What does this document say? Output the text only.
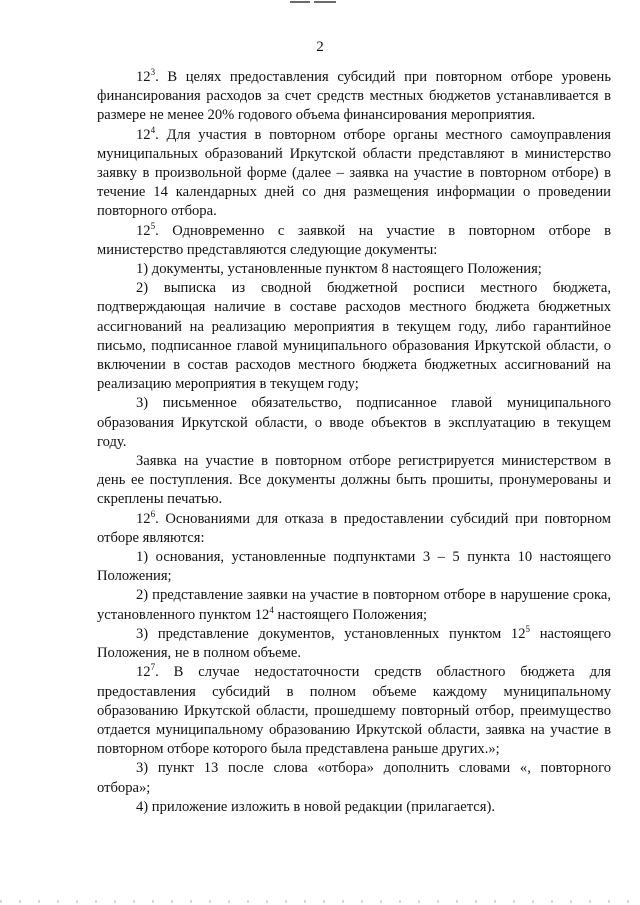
2

$12^3$. В целях предоставления субсидий при повторном отборе уровень финансирования расходов за счет средств местных бюджетов устанавливается в размере не менее 20% годового объема финансирования мероприятия.

$12^4$. Для участия в повторном отборе органы местного самоуправления муниципальных образований Иркутской области представляют в министерство заявку в произвольной форме (далее – заявка на участие в повторном отборе) в течение 14 календарных дней со дня размещения информации о проведении повторного отбора.

$12^5$. Одновременно с заявкой на участие в повторном отборе в министерство представляются следующие документы:

1) документы, установленные пунктом 8 настоящего Положения;

2) выписка из сводной бюджетной росписи местного бюджета, подтверждающая наличие в составе расходов местного бюджета бюджетных ассигнований на реализацию мероприятия в текущем году, либо гарантийное письмо, подписанное главой муниципального образования Иркутской области, о включении в состав расходов местного бюджета бюджетных ассигнований на реализацию мероприятия в текущем году;

3) письменное обязательство, подписанное главой муниципального образования Иркутской области, о вводе объектов в эксплуатацию в текущем году.

Заявка на участие в повторном отборе регистрируется министерством в день ее поступления. Все документы должны быть прошиты, пронумерованы и скреплены печатью.

$12^6$. Основаниями для отказа в предоставлении субсидий при повторном отборе являются:

1) основания, установленные подпунктами 3 – 5 пункта 10 настоящего Положения;

2) представление заявки на участие в повторном отборе в нарушение срока, установленного пунктом $12^4$ настоящего Положения;

3) представление документов, установленных пунктом $12^5$ настоящего Положения, не в полном объеме.

$12^7$. В случае недостаточности средств областного бюджета для предоставления субсидий в полном объеме каждому муниципальному образованию Иркутской области, прошедшему повторный отбор, преимущество отдается муниципальному образованию Иркутской области, заявка на участие в повторном отборе которого была представлена раньше других.»;

3) пункт 13 после слова «отбора» дополнить словами «, повторного отбора»;

4) приложение изложить в новой редакции (прилагается).
